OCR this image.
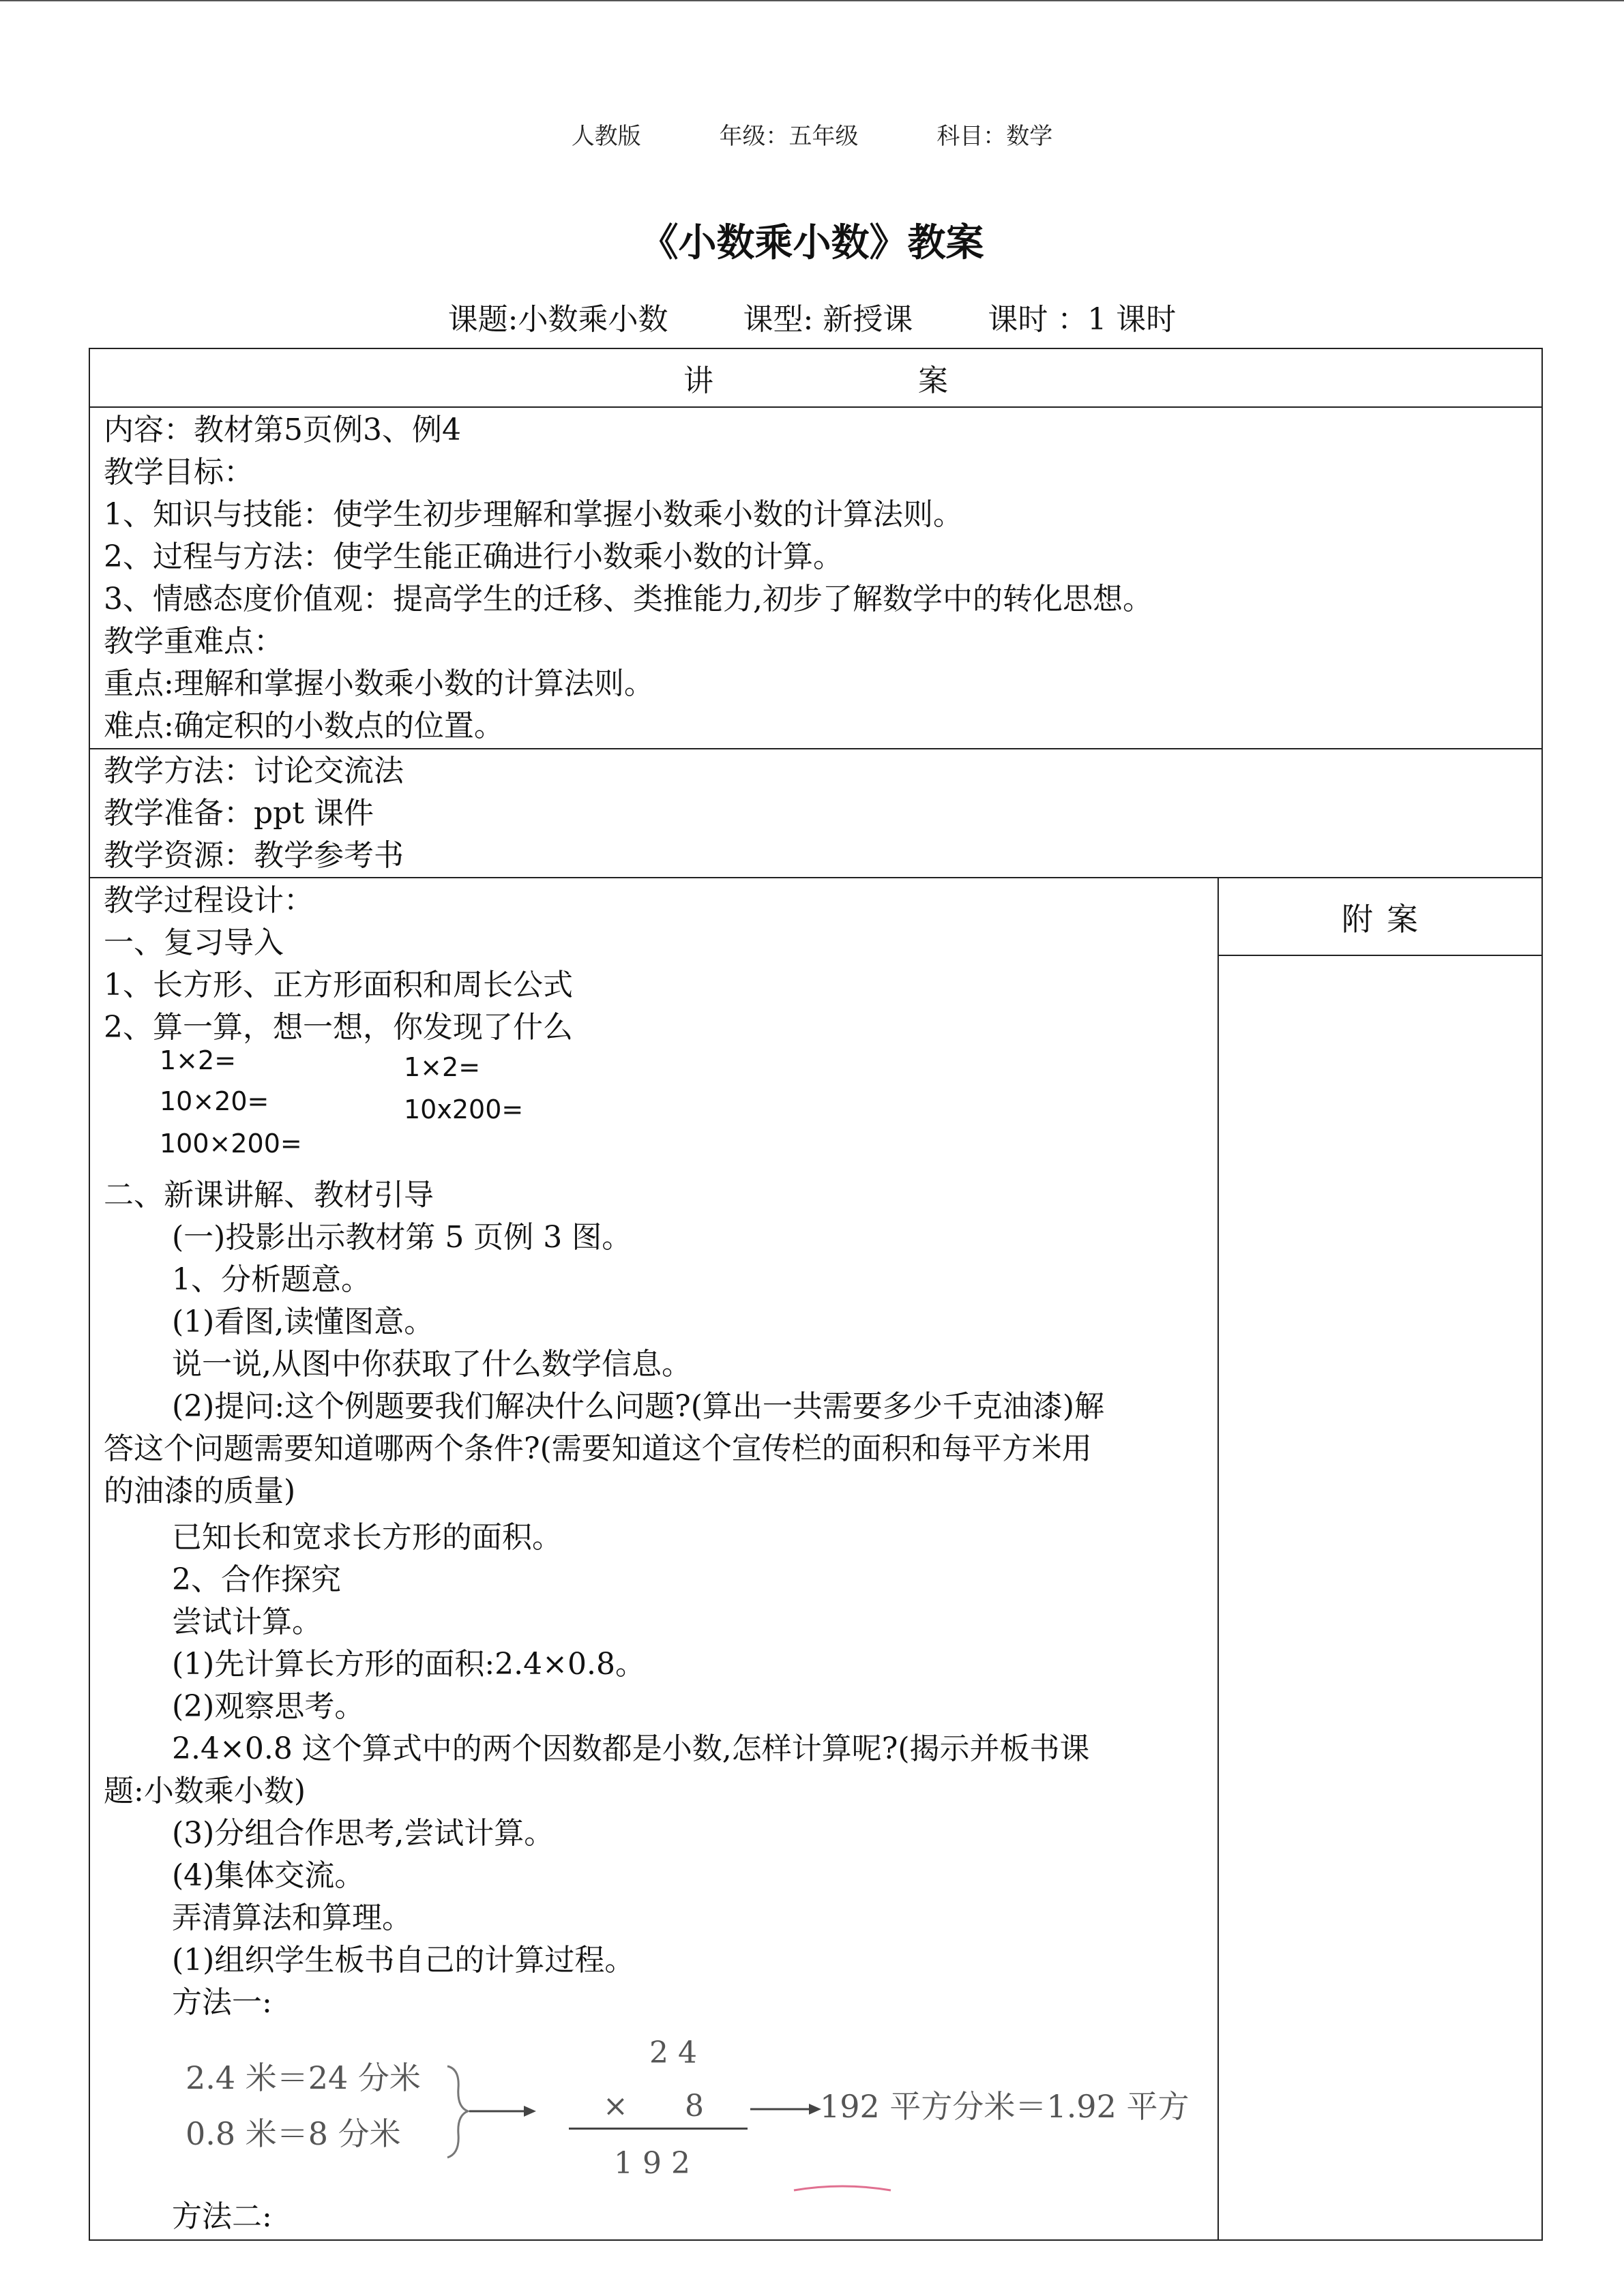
人教版	年级：五年级	科目：数学
《小数乘小数》教案
课题:小数乘小数	课型: 新授课	课时 ：1 课时
讲	案
内容：教材第5页例3、例4
教学目标：
1、知识与技能：使学生初步理解和掌握小数乘小数的计算法则。
2、过程与方法：使学生能正确进行小数乘小数的计算。
3、情感态度价值观：提高学生的迁移、类推能力,初步了解数学中的转化思想。
教学重难点：
重点:理解和掌握小数乘小数的计算法则。
难点:确定积的小数点的位置。
教学方法：讨论交流法
教学准备：ppt 课件
教学资源：教学参考书
附 案
教学过程设计：
一、复习导入
1、长方形、正方形面积和周长公式
2、算一算，想一想，你发现了什么
1×2=
10×20=
100×200=
1×2=
10x200=
二、新课讲解、教材引导
(一)投影出示教材第 5 页例 3 图。
1、分析题意。
(1)看图,读懂图意。
说一说,从图中你获取了什么数学信息。
(2)提问:这个例题要我们解决什么问题?(算出一共需要多少千克油漆)解
答这个问题需要知道哪两个条件?(需要知道这个宣传栏的面积和每平方米用
的油漆的质量)
已知长和宽求长方形的面积。
2、合作探究
尝试计算。
(1)先计算长方形的面积:2.4×0.8。
(2)观察思考。
2.4×0.8 这个算式中的两个因数都是小数,怎样计算呢?(揭示并板书课
题:小数乘小数)
(3)分组合作思考,尝试计算。
(4)集体交流。
弄清算法和算理。
(1)组织学生板书自己的计算过程。
方法一:
2.4 米＝24 分米
0.8 米＝8 分米
2 4
× 8
1 9 2
192 平方分米＝1.92 平方
方法二:
